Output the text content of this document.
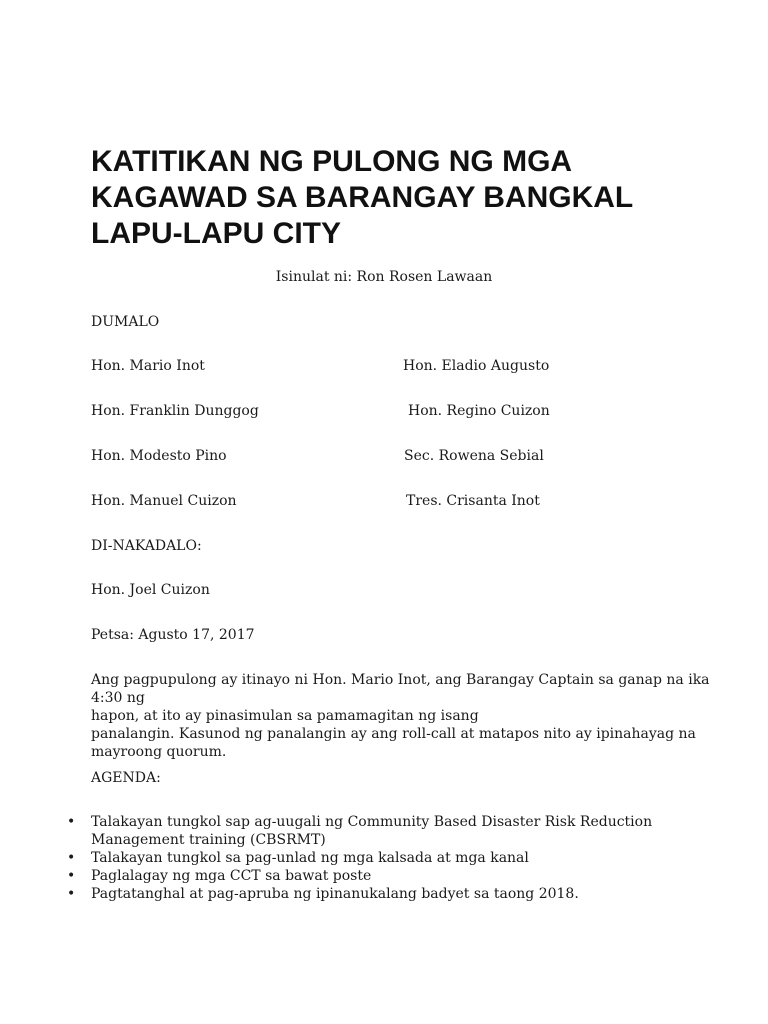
KATITIKAN NG PULONG NG MGA
KAGAWAD SA BARANGAY BANGKAL
LAPU-LAPU CITY

Isinulat ni: Ron Rosen Lawaan

DUMALO

Hon. Mario Inot	Hon. Eladio Augusto

Hon. Franklin Dunggog	Hon. Regino Cuizon

Hon. Modesto Pino	Sec. Rowena Sebial

Hon. Manuel Cuizon	Tres. Crisanta Inot

DI-NAKADALO:

Hon. Joel Cuizon

Petsa: Agusto 17, 2017

Ang pagpupulong ay itinayo ni Hon. Mario Inot, ang Barangay Captain sa ganap na ika
4:30 ng
hapon, at ito ay pinasimulan sa pamamagitan ng isang
panalangin. Kasunod ng panalangin ay ang roll-call at matapos nito ay ipinahayag na
mayroong quorum.

AGENDA:

• Talakayan tungkol sap ag-uugali ng Community Based Disaster Risk Reduction Management training (CBSRMT)
• Talakayan tungkol sa pag-unlad ng mga kalsada at mga kanal
• Paglalagay ng mga CCT sa bawat poste
• Pagtatanghal at pag-apruba ng ipinanukalang badyet sa taong 2018.
